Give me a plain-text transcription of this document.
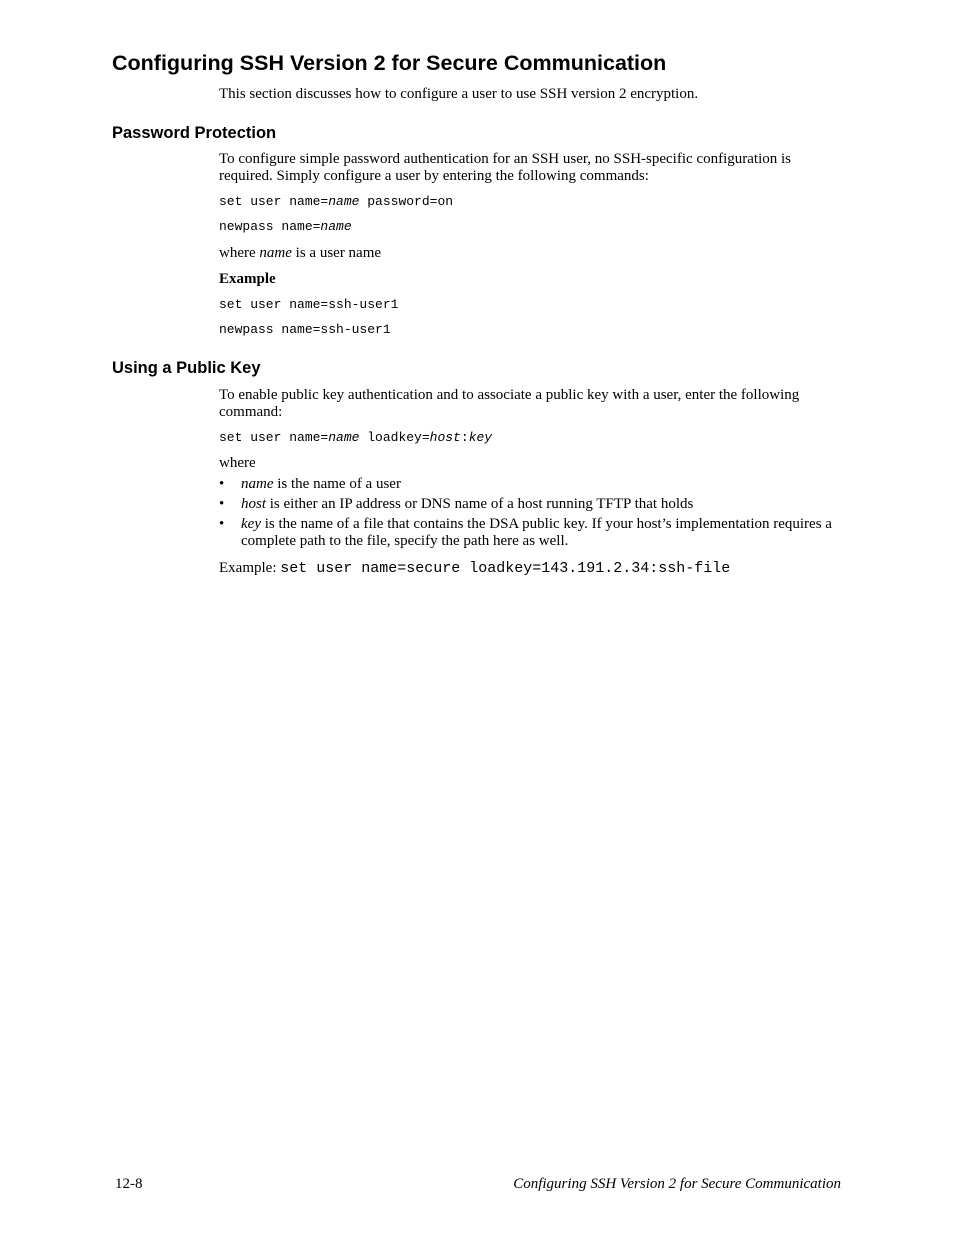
Configuring SSH Version 2 for Secure Communication

This section discusses how to configure a user to use SSH version 2 encryption.

Password Protection

To configure simple password authentication for an SSH user, no SSH-specific configuration is required. Simply configure a user by entering the following commands:

set user name=name password=on
newpass name=name

where name is a user name

Example

set user name=ssh-user1
newpass name=ssh-user1
Using a Public Key

To enable public key authentication and to associate a public key with a user, enter the following command:

set user name=name loadkey=host:key

where

• name is the name of a user
• host is either an IP address or DNS name of a host running TFTP that holds
• key is the name of a file that contains the DSA public key. If your host’s implementation requires a complete path to the file, specify the path here as well.

Example: set user name=secure loadkey=143.191.2.34:ssh-file

12-8	Configuring SSH Version 2 for Secure Communication
